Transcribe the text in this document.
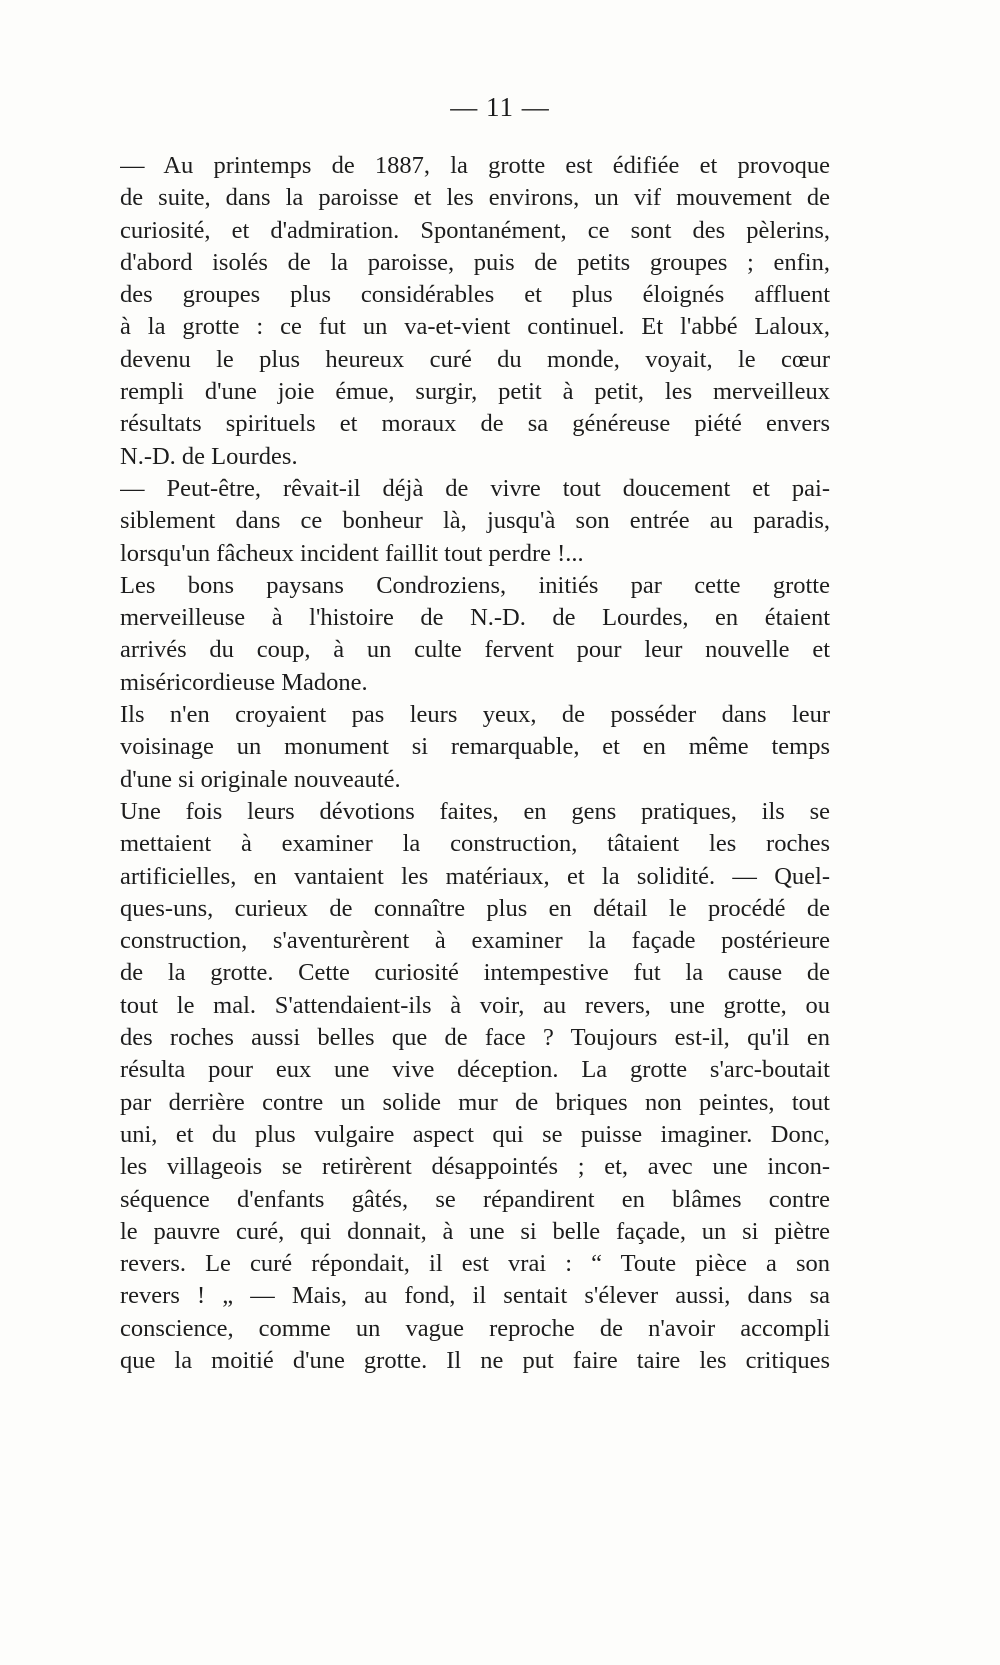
— 11 —
— Au printemps de 1887, la grotte est édifiée et provoque
de suite, dans la paroisse et les environs, un vif mouvement de
curiosité, et d'admiration. Spontanément, ce sont des pèlerins,
d'abord isolés de la paroisse, puis de petits groupes ; enfin,
des groupes plus considérables et plus éloignés affluent
à la grotte : ce fut un va-et-vient continuel. Et l'abbé Laloux,
devenu le plus heureux curé du monde, voyait, le cœur
rempli d'une joie émue, surgir, petit à petit, les merveilleux
résultats spirituels et moraux de sa généreuse piété envers
N.-D. de Lourdes.
— Peut-être, rêvait-il déjà de vivre tout doucement et pai-
siblement dans ce bonheur là, jusqu'à son entrée au paradis,
lorsqu'un fâcheux incident faillit tout perdre !...
Les bons paysans Condroziens, initiés par cette grotte
merveilleuse à l'histoire de N.-D. de Lourdes, en étaient
arrivés du coup, à un culte fervent pour leur nouvelle et
miséricordieuse Madone.
Ils n'en croyaient pas leurs yeux, de posséder dans leur
voisinage un monument si remarquable, et en même temps
d'une si originale nouveauté.
Une fois leurs dévotions faites, en gens pratiques, ils se
mettaient à examiner la construction, tâtaient les roches
artificielles, en vantaient les matériaux, et la solidité. — Quel-
ques-uns, curieux de connaître plus en détail le procédé de
construction, s'aventurèrent à examiner la façade postérieure
de la grotte. Cette curiosité intempestive fut la cause de
tout le mal. S'attendaient-ils à voir, au revers, une grotte, ou
des roches aussi belles que de face ? Toujours est-il, qu'il en
résulta pour eux une vive déception. La grotte s'arc-boutait
par derrière contre un solide mur de briques non peintes, tout
uni, et du plus vulgaire aspect qui se puisse imaginer. Donc,
les villageois se retirèrent désappointés ; et, avec une incon-
séquence d'enfants gâtés, se répandirent en blâmes contre
le pauvre curé, qui donnait, à une si belle façade, un si piètre
revers. Le curé répondait, il est vrai : “ Toute pièce a son
revers ! „ — Mais, au fond, il sentait s'élever aussi, dans sa
conscience, comme un vague reproche de n'avoir accompli
que la moitié d'une grotte. Il ne put faire taire les critiques
